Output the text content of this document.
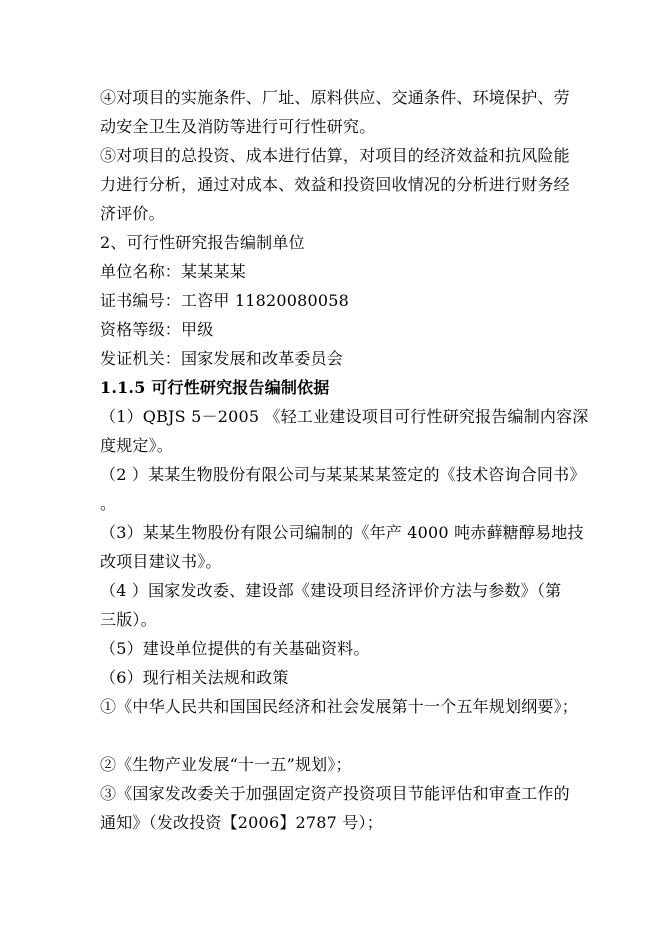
④对项目的实施条件、厂址、原料供应、交通条件、环境保护、劳
动安全卫生及消防等进行可行性研究。
⑤对项目的总投资、成本进行估算，对项目的经济效益和抗风险能
力进行分析，通过对成本、效益和投资回收情况的分析进行财务经
济评价。
2、可行性研究报告编制单位
单位名称：某某某某
证书编号：工咨甲 11820080058
资格等级：甲级
发证机关：国家发展和改革委员会
1.1.5 可行性研究报告编制依据
（1）QBJS 5－2005 《轻工业建设项目可行性研究报告编制内容深
度规定》。
（2 ）某某生物股份有限公司与某某某某签定的《技术咨询合同书》
。
（3）某某生物股份有限公司编制的《年产 4000 吨赤藓糖醇易地技
改项目建议书》。
（4 ）国家发改委、建设部《建设项目经济评价方法与参数》（第
三版）。
（5）建设单位提供的有关基础资料。
（6）现行相关法规和政策
①《中华人民共和国国民经济和社会发展第十一个五年规划纲要》；
②《生物产业发展“十一五”规划》；
③《国家发改委关于加强固定资产投资项目节能评估和审查工作的
通知》（发改投资【2006】2787 号）；
